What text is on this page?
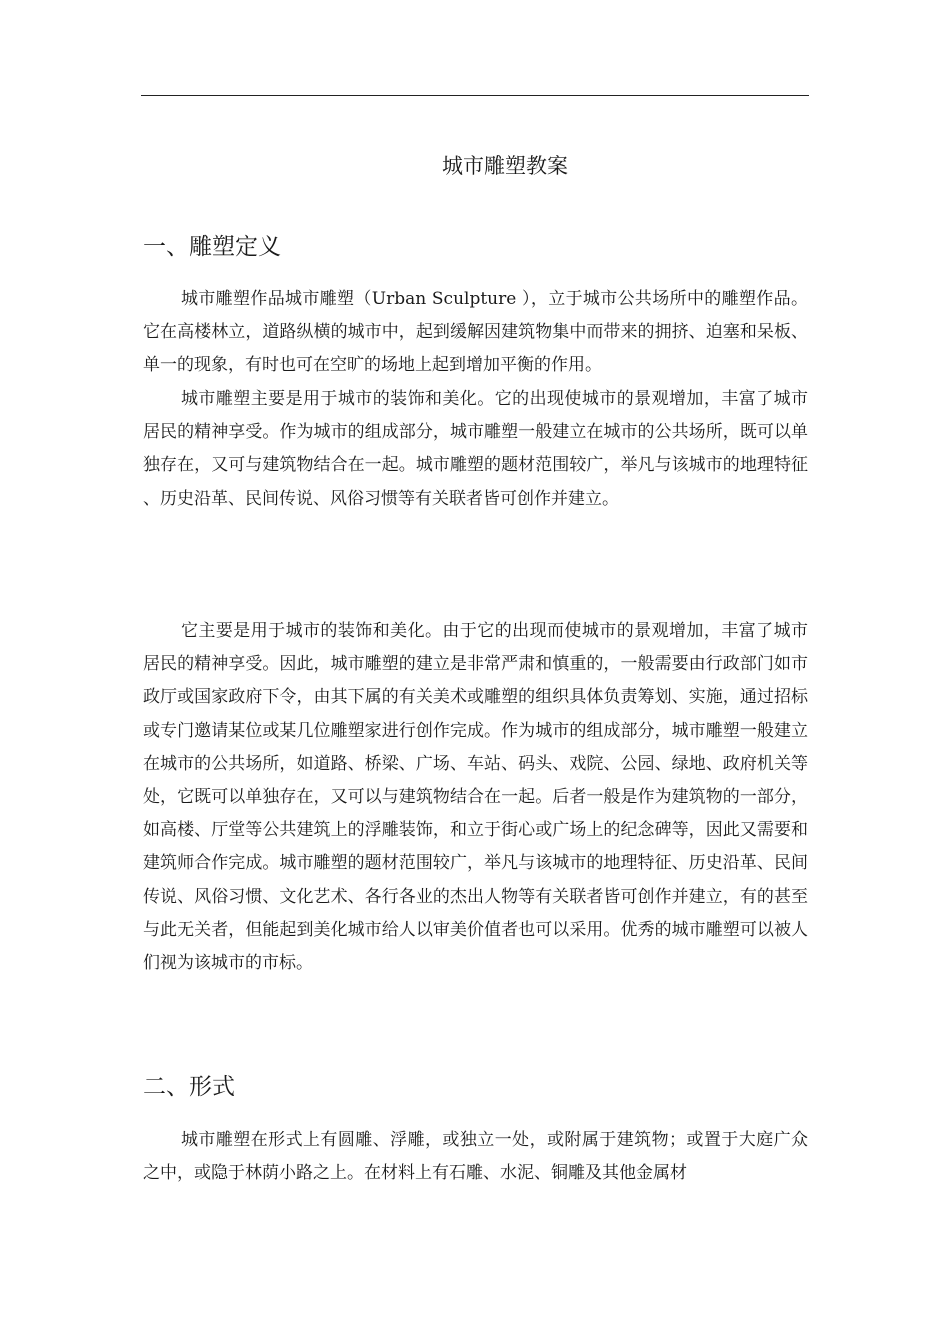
城市雕塑教案
一、雕塑定义

城市雕塑作品城市雕塑（Urban Sculpture ），立于城市公共场所中的雕塑作品。它在高楼林立，道路纵横的城市中，起到缓解因建筑物集中而带来的拥挤、迫塞和呆板、单一的现象，有时也可在空旷的场地上起到增加平衡的作用。

城市雕塑主要是用于城市的装饰和美化。它的出现使城市的景观增加，丰富了城市居民的精神享受。作为城市的组成部分，城市雕塑一般建立在城市的公共场所，既可以单独存在，又可与建筑物结合在一起。城市雕塑的题材范围较广，举凡与该城市的地理特征、历史沿革、民间传说、风俗习惯等有关联者皆可创作并建立。

它主要是用于城市的装饰和美化。由于它的出现而使城市的景观增加，丰富了城市居民的精神享受。因此，城市雕塑的建立是非常严肃和慎重的，一般需要由行政部门如市政厅或国家政府下令，由其下属的有关美术或雕塑的组织具体负责筹划、实施，通过招标或专门邀请某位或某几位雕塑家进行创作完成。作为城市的组成部分，城市雕塑一般建立在城市的公共场所，如道路、桥梁、广场、车站、码头、戏院、公园、绿地、政府机关等处，它既可以单独存在，又可以与建筑物结合在一起。后者一般是作为建筑物的一部分，如高楼、厅堂等公共建筑上的浮雕装饰，和立于街心或广场上的纪念碑等，因此又需要和建筑师合作完成。城市雕塑的题材范围较广，举凡与该城市的地理特征、历史沿革、民间传说、风俗习惯、文化艺术、各行各业的杰出人物等有关联者皆可创作并建立，有的甚至与此无关者，但能起到美化城市给人以审美价值者也可以采用。优秀的城市雕塑可以被人们视为该城市的市标。

二、形式

城市雕塑在形式上有圆雕、浮雕，或独立一处，或附属于建筑物；或置于大庭广众之中，或隐于林荫小路之上。在材料上有石雕、水泥、铜雕及其他金属材
